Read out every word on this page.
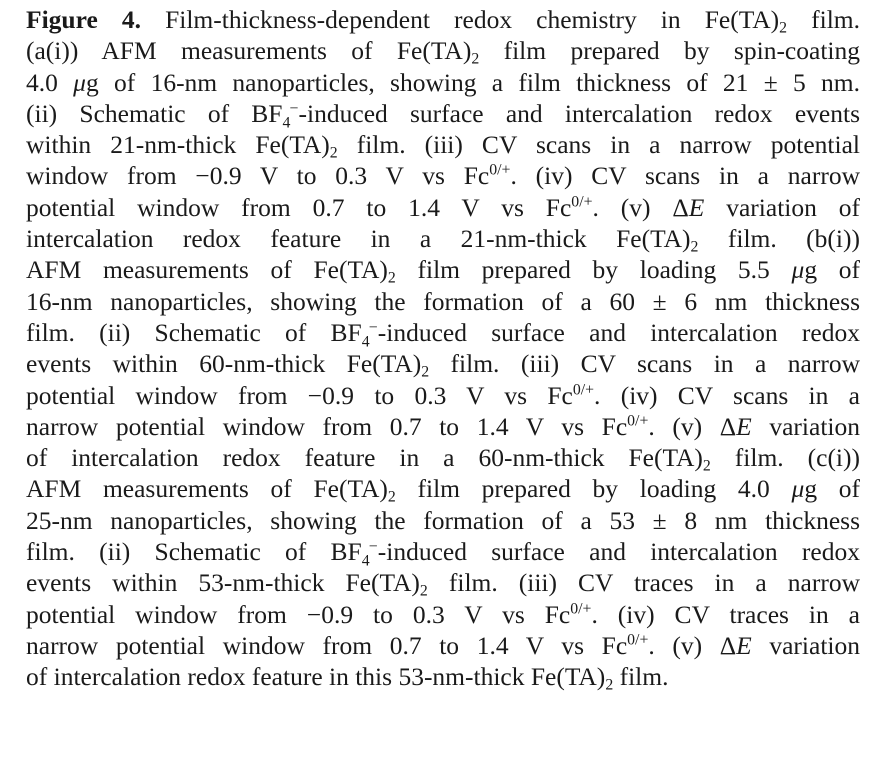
Figure 4. Film-thickness-dependent redox chemistry in $Fe(TA)_2$ film.
(a(i)) AFM measurements of $Fe(TA)_2$ film prepared by spin-coating
4.0 μg of 16-nm nanoparticles, showing a film thickness of 21 ± 5 nm.
(ii) Schematic of $BF_4^-$-induced surface and intercalation redox events
within 21-nm-thick $Fe(TA)_2$ film. (iii) CV scans in a narrow potential
window from −0.9 V to 0.3 V vs $Fc^{0/+}$. (iv) CV scans in a narrow
potential window from 0.7 to 1.4 V vs $Fc^{0/+}$. (v) ΔE variation of
intercalation redox feature in a 21-nm-thick $Fe(TA)_2$ film. (b(i))
AFM measurements of $Fe(TA)_2$ film prepared by loading 5.5 μg of
16-nm nanoparticles, showing the formation of a 60 ± 6 nm thickness
film. (ii) Schematic of $BF_4^-$-induced surface and intercalation redox
events within 60-nm-thick $Fe(TA)_2$ film. (iii) CV scans in a narrow
potential window from −0.9 to 0.3 V vs $Fc^{0/+}$. (iv) CV scans in a
narrow potential window from 0.7 to 1.4 V vs $Fc^{0/+}$. (v) ΔE variation
of intercalation redox feature in a 60-nm-thick $Fe(TA)_2$ film. (c(i))
AFM measurements of $Fe(TA)_2$ film prepared by loading 4.0 μg of
25-nm nanoparticles, showing the formation of a 53 ± 8 nm thickness
film. (ii) Schematic of $BF_4^-$-induced surface and intercalation redox
events within 53-nm-thick $Fe(TA)_2$ film. (iii) CV traces in a narrow
potential window from −0.9 to 0.3 V vs $Fc^{0/+}$. (iv) CV traces in a
narrow potential window from 0.7 to 1.4 V vs $Fc^{0/+}$. (v) ΔE variation
of intercalation redox feature in this 53-nm-thick $Fe(TA)_2$ film.
